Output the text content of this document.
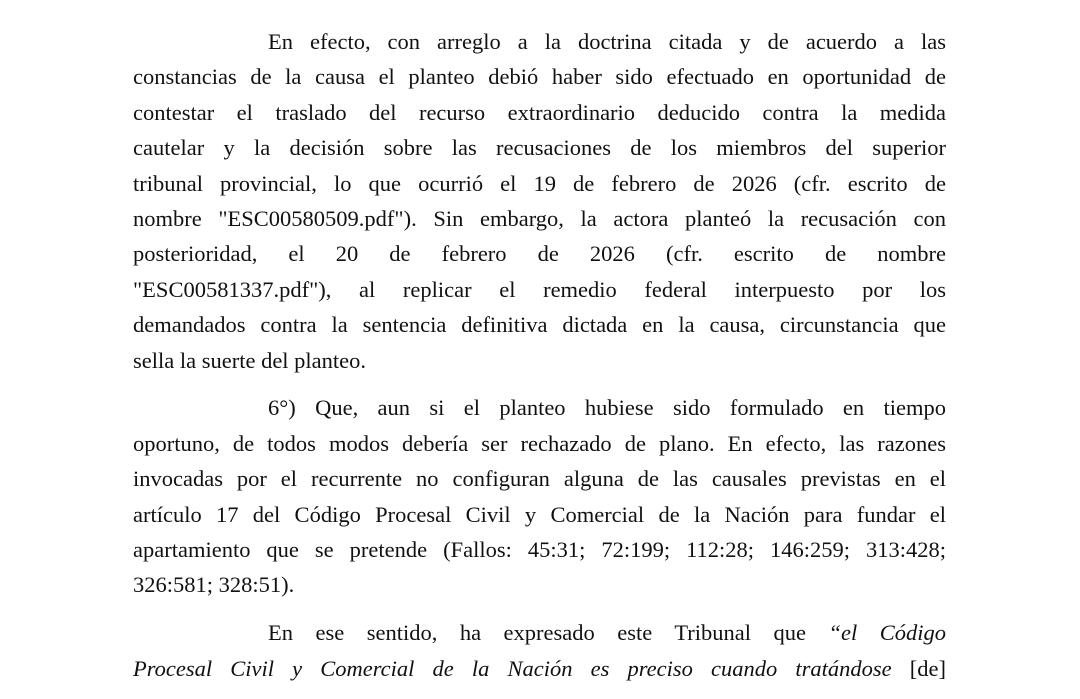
En efecto, con arreglo a la doctrina citada y de acuerdo a las
constancias de la causa el planteo debió haber sido efectuado en oportunidad de
contestar el traslado del recurso extraordinario deducido contra la medida
cautelar y la decisión sobre las recusaciones de los miembros del superior
tribunal provincial, lo que ocurrió el 19 de febrero de 2026 (cfr. escrito de
nombre "ESC00580509.pdf"). Sin embargo, la actora planteó la recusación con
posterioridad, el 20 de febrero de 2026 (cfr. escrito de nombre
"ESC00581337.pdf"), al replicar el remedio federal interpuesto por los
demandados contra la sentencia definitiva dictada en la causa, circunstancia que
sella la suerte del planteo.
6°) Que, aun si el planteo hubiese sido formulado en tiempo
oportuno, de todos modos debería ser rechazado de plano. En efecto, las razones
invocadas por el recurrente no configuran alguna de las causales previstas en el
artículo 17 del Código Procesal Civil y Comercial de la Nación para fundar el
apartamiento que se pretende (Fallos: 45:31; 72:199; 112:28; 146:259; 313:428;
326:581; 328:51).
En ese sentido, ha expresado este Tribunal que “el Código
Procesal Civil y Comercial de la Nación es preciso cuando tratándose [de]
